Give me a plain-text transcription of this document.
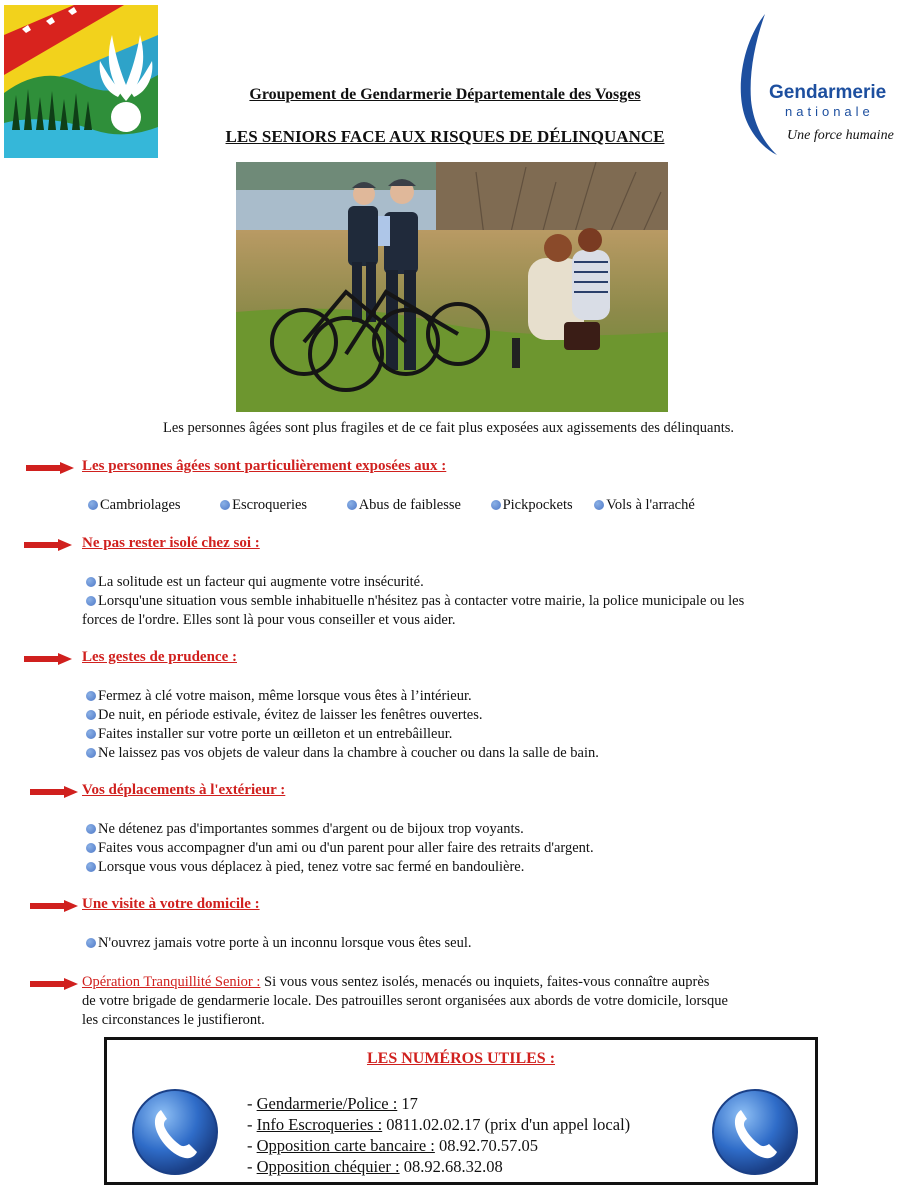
Groupement de Gendarmerie Départementale des Vosges
LES SENIORS FACE AUX RISQUES DE DÉLINQUANCE
Gendarmerie
nationale
Une force humaine
Les personnes âgées sont plus fragiles et de ce fait plus exposées aux agissements des délinquants.
Les personnes âgées sont particulièrement exposées aux :
Cambriolages	Escroqueries	Abus de faiblesse	Pickpockets Vols à l'arraché
Ne pas rester isolé chez soi :
La solitude est un facteur qui augmente votre insécurité.
Lorsqu'une situation vous semble inhabituelle n'hésitez pas à contacter votre mairie, la police municipale ou les
forces de l'ordre. Elles sont là pour vous conseiller et vous aider.
Les gestes de prudence :
Fermez à clé votre maison, même lorsque vous êtes à l’intérieur.
De nuit, en période estivale, évitez de laisser les fenêtres ouvertes.
Faites installer sur votre porte un œilleton et un entrebâilleur.
Ne laissez pas vos objets de valeur dans la chambre à coucher ou dans la salle de bain.
Vos déplacements à l'extérieur :
Ne détenez pas d'importantes sommes d'argent ou de bijoux trop voyants.
Faites vous accompagner d'un ami ou d'un parent pour aller faire des retraits d'argent.
Lorsque vous vous déplacez à pied, tenez votre sac fermé en bandoulière.
Une visite à votre domicile :
N'ouvrez jamais votre porte à un inconnu lorsque vous êtes seul.
Opération Tranquillité Senior : Si vous vous sentez isolés, menacés ou inquiets, faites-vous connaître auprès
de votre brigade de gendarmerie locale. Des patrouilles seront organisées aux abords de votre domicile, lorsque
les circonstances le justifieront.
LES NUMÉROS UTILES :
- Gendarmerie/Police : 17
- Info Escroqueries : 0811.02.02.17 (prix d'un appel local)
- Opposition carte bancaire : 08.92.70.57.05
- Opposition chéquier : 08.92.68.32.08
